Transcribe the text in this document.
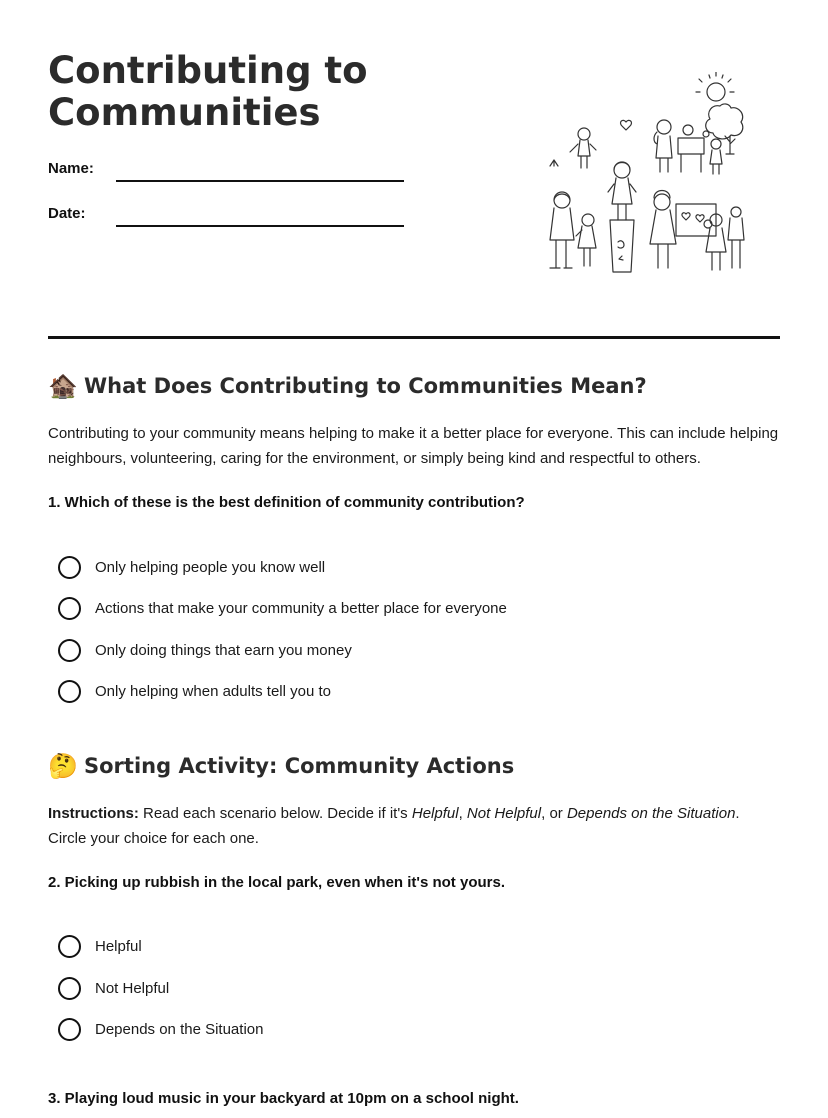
Contributing to
Communities
Name:
Date:
🏚️ What Does Contributing to Communities Mean?

Contributing to your community means helping to make it a better place for everyone. This can include helping neighbours, volunteering, caring for the environment, or simply being kind and respectful to others.

1. Which of these is the best definition of community contribution?

Only helping people you know well
Actions that make your community a better place for everyone
Only doing things that earn you money
Only helping when adults tell you to
🤔 Sorting Activity: Community Actions

Instructions: Read each scenario below. Decide if it's Helpful, Not Helpful, or Depends on the Situation.
Circle your choice for each one.

2. Picking up rubbish in the local park, even when it's not yours.

Helpful
Not Helpful
Depends on the Situation

3. Playing loud music in your backyard at 10pm on a school night.
